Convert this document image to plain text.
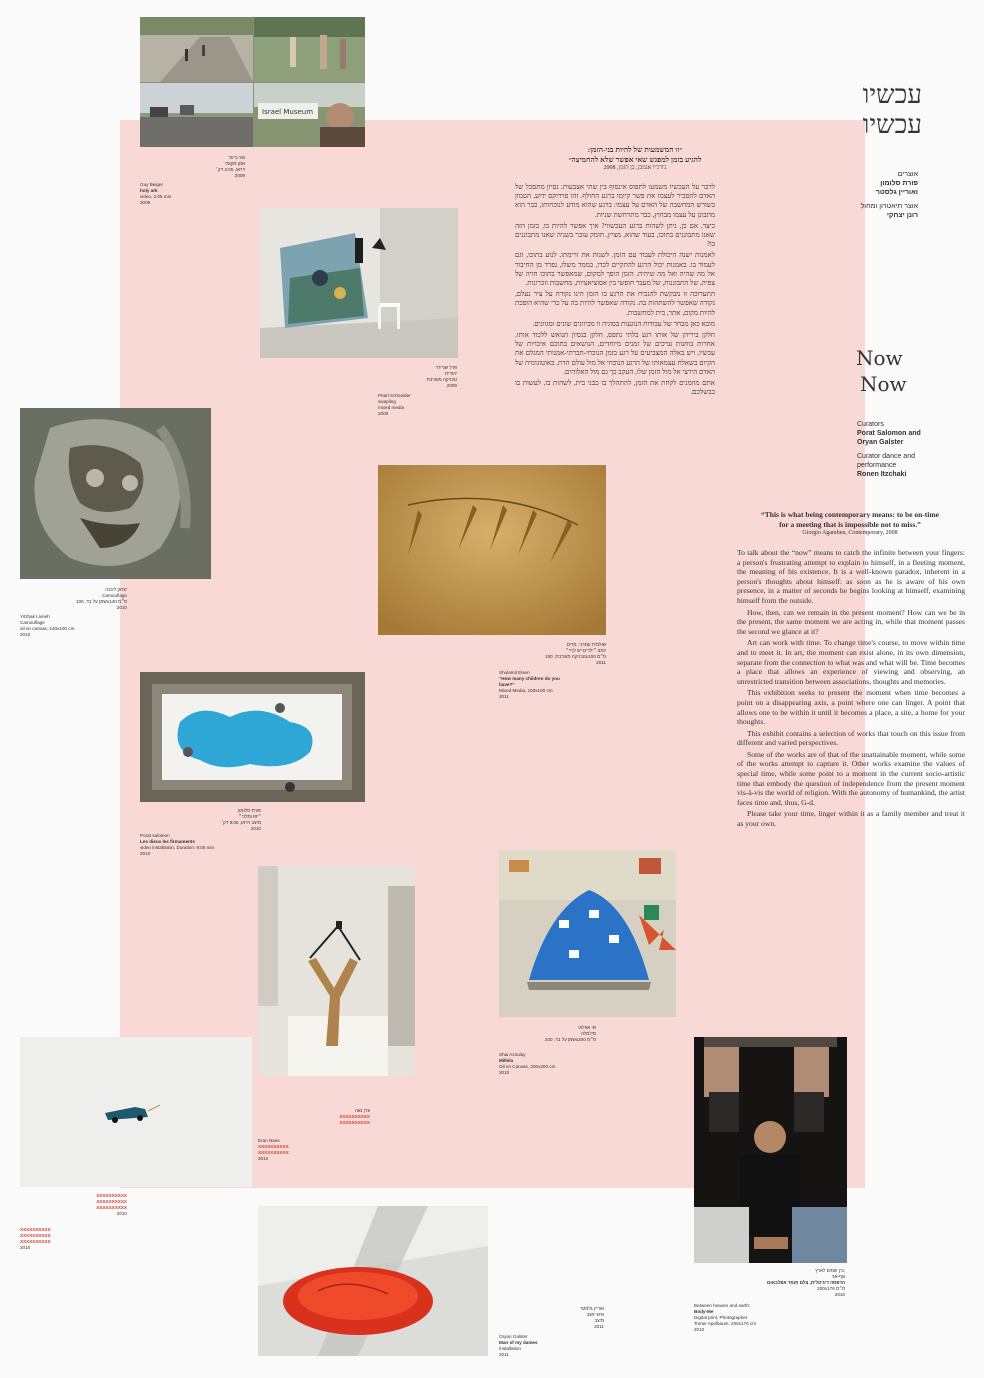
Israel Museum
גאי בייגר
אמן מקומי
וידאו, 2:05 דק׳
2009
Guy Beiger
holy ark
video, 2:05 min
2009
פרל שניידר
יהודית
טכניקה מעורבת
2009
Pearl Schneider
swapling
mixed media
2009
יצחק ליבנה
Camouflage
שמן על בד, 100x140 ס״מ
2010
Yitzhak Livneh
Camouflage
oil on canvas, 140x100 cm
2010
שולמית עמרני, מרים
יומנו ״ילדים יש לך?״
טכניקה מעורבת, 100x100 ס״מ
2011
Shulamit Eisen
“How many children do you have?”
Mixed Media, 100x100 cm
2011
פורת סלומון
״יפו ומלכי״
מיצב וידאו, 9:06 דק׳
2010
Porat salomon
Les dieux les firmaments
video installation, Duration: 9:06 min
2010
ערן נאה
XXXXXXXXXX
XXXXXXXXXX
Eran Naes
XXXXXXXXXX
XXXXXXXXXX
2010
שי אזולאי
מילמלה
שמן על בד, 200x200 ס״מ
Shai Azoulay
Millela
Oil on Canvas, 200x200 cm
2010
XXXXXXXXXX
XXXXXXXXXX
XXXXXXXXXX
2010
XXXXXXXXXX
XXXXXXXXXX
XXXXXXXXXX
2010
אוריין גלסטר
איש יושב
מיצב
2011
Oryan Galster
Man of my dames
Installation
2011
בין שמים לארץ:
גוף-אני
הדפסה דיגיטלית, צלם תומר אפלבאום
200x176 ס״מ
2010
Between heaven and earth:
Body-Me
Digital print, Photographer
Tomer Apelbaum, 200x176 cm
2010
״זו המשמעות של להיות בני-הזמן:
להגיע בזמן למפגש שאי אפשר שלא להחמיצה״
ג'ורג'יו אגמבן, בן הזמן, 2008

לדבר על העכשיו משמעו לתפוס אינסוף בין שתי אצבעות: נסיון מתסכל של האדם להסביר לעצמו את פשר קיומו ברגע החולף. זהו פרדוקס ידוע, הטמון בשורש המחשבה של האדם על עצמו: ברגע שהוא מודע לנוכחותו, כבר הוא מתבונן על עצמו מבחוץ, כבר מתרחשת שניות.

כיצד, אם כן, ניתן לשהות ברגע העכשווי? איך אפשר להיות בו, בזמן הזה שאנו מתבוננים בתוכו, בעוד שהוא, מציץ, חומק עובר בשניה שאנו מתבוננים בו?

לאמנות ישנה היכולת לעבוד עם הזמן. לשנות את זרימתו, לנוע בתוכו, וגם לעמוד בו. באמנות יכול הרגע להתקיים לכדו, בממד משלו, נפרד מן החיבור אל מה שהיה ואל מה שיהיה. הזמן הופך למקום, שמאפשר בתוכו חויה של צפיה, של התבוננות, של מעבר חופשי בין אסוציאציות, מחשבות וזכרונות.

התערוכה זו מבקשת להנכיח את הרגע בו הזמן הינו נקודה על ציר נעלם, נקודה שאפשר להשתהות בה. נקודה שאפשר להיות בה על כדי שהיא הופכת להיות מקום, אתר, בית למחשבות.

מובא כאן מבחר של עבודות הנוגעות בסוגיה זו מכיוונים שונים ומגוונים.

חלקן ביריהן של אותו רגע בלתי נתפס, חלקן בנסיון הנואש ללכוד אותו. אחרות בוחנות ערכים של זמנים מיוחדים, הנושאים בתוכם איכויות של עכשיו, ויש באלה המצביעים על רגע בזמן הנוכחי-חברתי-אמנותי המגלם את הקיום בשאלת עצמאותו של הרגע הנוכחי אל מול עולם הדת. באוטונומיה של האדם הירצי אל מול הזמן שלו, העקב כך גם מול האלוהים.

אתם מוזמנים לקחת את הזמן, להתהלך בו כבני בית, לשהות בו, לעשות בו כבשלכם.

עכשיו
עכשיו
אוצרים
פורת סלומון
ואוריין גלסטר
אוצר תיאטרון ומחול
רונן יצחקי
Now
Now
Curators
Porat Salomon and Oryan Galster
Curator dance and performance
Ronen Itzchaki
“This is what being contemporary means: to be on-time
for a meeting that is impossible not to miss.”
Giorgio Agamben, Contemporary, 2008

To talk about the “now” means to catch the infinite between your fingers: a person's frustrating attempt to explain to himself, in a fleeting moment, the meaning of his existence. It is a well-known paradox, inherent in a person's thoughts about himself: as soon as he is aware of his own presence, in a matter of seconds he begins looking at himself, examining himself from the outside.

How, then, can we remain in the present moment? How can we be in the present, the same moment we are acting in, while that moment passes the second we glance at it?

Art can work with time. To change time's course, to move within time and to meet it. In art, the moment can exist alone, in its own dimension, separate from the connection to what was and what will be. Time becomes a place that allows an experience of viewing and observing, an unrestricted transition between associations, thoughts and memories.

This exhibition seeks to present the moment when time becomes a point on a disappearing axis, a point where one can linger. A point that allows one to be within it until it becomes a place, a site, a home for your thoughts.

This exhibit contains a selection of works that touch on this issue from different and varied perspectives.

Some of the works are of that of the unattainable moment, while some of the works attempt to capture it. Other works examine the values of special time, while some point to a moment in the current socio-artistic time that embody the question of independence from the present moment vis-à-vis the world of religion. With the autonomy of humankind, the artist faces time and, thus, G-d.

Please take your time, linger within it as a family member and treat it as your own.
